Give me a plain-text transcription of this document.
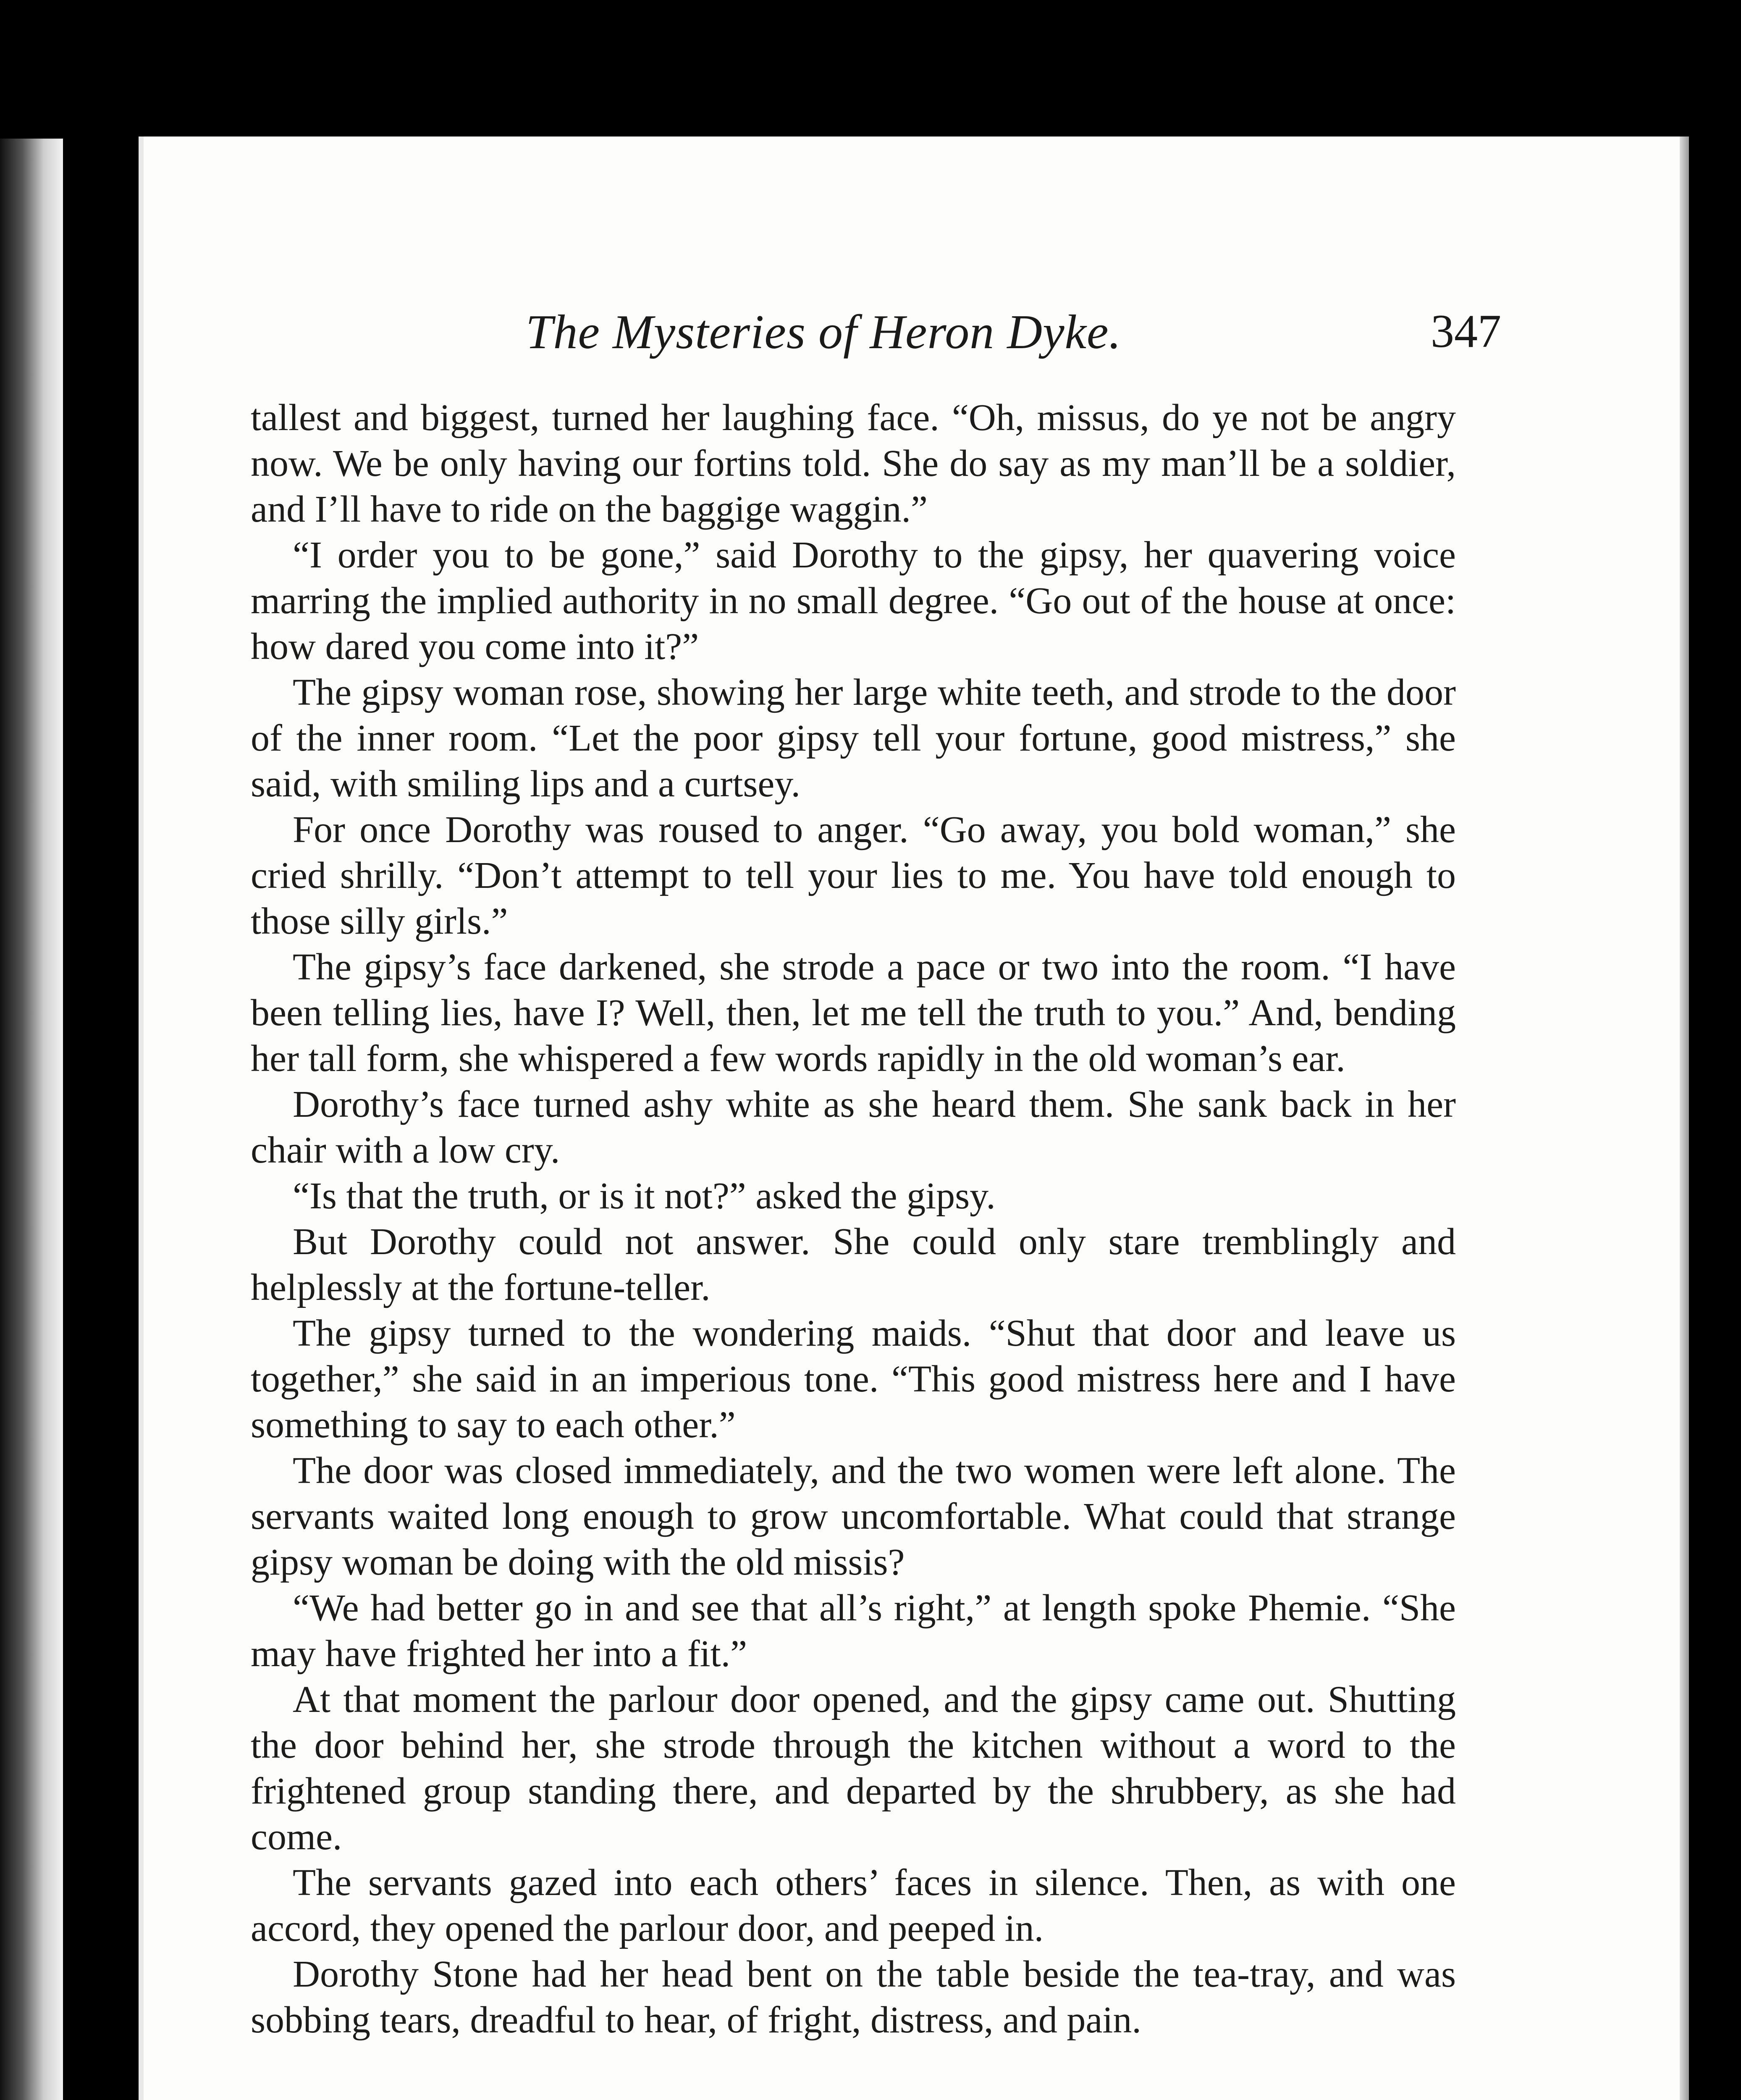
The Mysteries of Heron Dyke.	347

tallest and biggest, turned her laughing face. “Oh, missus, do ye not be angry now. We be only having our fortins told. She do say as my man’ll be a soldier, and I’ll have to ride on the baggige waggin.”

“I order you to be gone,” said Dorothy to the gipsy, her quavering voice marring the implied authority in no small degree. “Go out of the house at once: how dared you come into it?”

The gipsy woman rose, showing her large white teeth, and strode to the door of the inner room. “Let the poor gipsy tell your fortune, good mistress,” she said, with smiling lips and a curtsey.

For once Dorothy was roused to anger. “Go away, you bold woman,” she cried shrilly. “Don’t attempt to tell your lies to me. You have told enough to those silly girls.”

The gipsy’s face darkened, she strode a pace or two into the room. “I have been telling lies, have I? Well, then, let me tell the truth to you.” And, bending her tall form, she whispered a few words rapidly in the old woman’s ear.

Dorothy’s face turned ashy white as she heard them. She sank back in her chair with a low cry.

“Is that the truth, or is it not?” asked the gipsy.

But Dorothy could not answer. She could only stare tremblingly and helplessly at the fortune-teller.

The gipsy turned to the wondering maids. “Shut that door and leave us together,” she said in an imperious tone. “This good mistress here and I have something to say to each other.”

The door was closed immediately, and the two women were left alone. The servants waited long enough to grow uncomfortable. What could that strange gipsy woman be doing with the old missis?

“We had better go in and see that all’s right,” at length spoke Phemie. “She may have frighted her into a fit.”

At that moment the parlour door opened, and the gipsy came out. Shutting the door behind her, she strode through the kitchen without a word to the frightened group standing there, and departed by the shrubbery, as she had come.

The servants gazed into each others’ faces in silence. Then, as with one accord, they opened the parlour door, and peeped in.

Dorothy Stone had her head bent on the table beside the tea-tray, and was sobbing tears, dreadful to hear, of fright, distress, and pain.
